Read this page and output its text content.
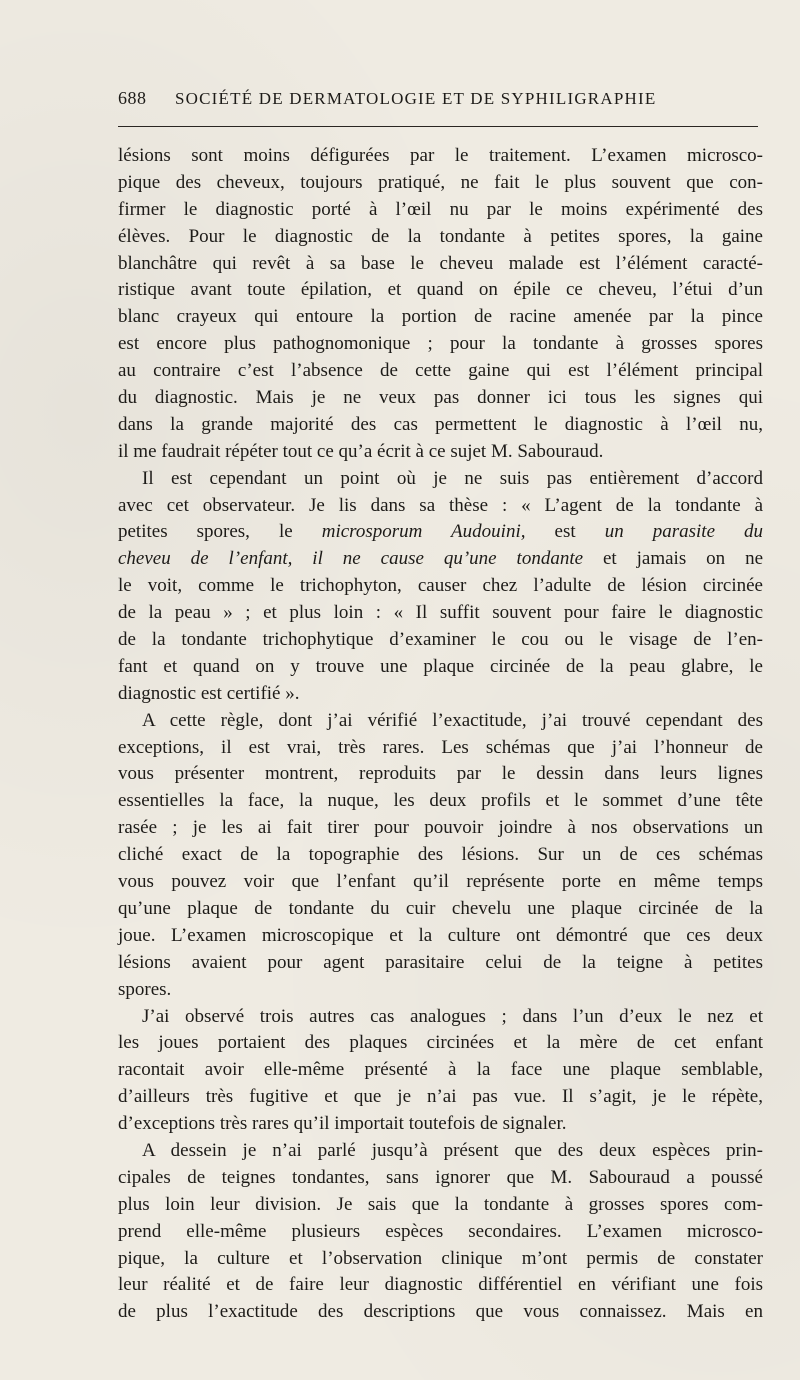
688 SOCIÉTÉ DE DERMATOLOGIE ET DE SYPHILIGRAPHIE
lésions sont moins défigurées par le traitement. L’examen microsco-
pique des cheveux, toujours pratiqué, ne fait le plus souvent que con-
firmer le diagnostic porté à l’œil nu par le moins expérimenté des
élèves. Pour le diagnostic de la tondante à petites spores, la gaine
blanchâtre qui revêt à sa base le cheveu malade est l’élément caracté-
ristique avant toute épilation, et quand on épile ce cheveu, l’étui d’un
blanc crayeux qui entoure la portion de racine amenée par la pince
est encore plus pathognomonique ; pour la tondante à grosses spores
au contraire c’est l’absence de cette gaine qui est l’élément principal
du diagnostic. Mais je ne veux pas donner ici tous les signes qui
dans la grande majorité des cas permettent le diagnostic à l’œil nu,
il me faudrait répéter tout ce qu’a écrit à ce sujet M. Sabouraud.
Il est cependant un point où je ne suis pas entièrement d’accord
avec cet observateur. Je lis dans sa thèse : « L’agent de la tondante à
petites spores, le microsporum Audouini, est un parasite du
cheveu de l’enfant, il ne cause qu’une tondante et jamais on ne
le voit, comme le trichophyton, causer chez l’adulte de lésion circinée
de la peau » ; et plus loin : « Il suffit souvent pour faire le diagnostic
de la tondante trichophytique d’examiner le cou ou le visage de l’en-
fant et quand on y trouve une plaque circinée de la peau glabre, le
diagnostic est certifié ».
A cette règle, dont j’ai vérifié l’exactitude, j’ai trouvé cependant des
exceptions, il est vrai, très rares. Les schémas que j’ai l’honneur de
vous présenter montrent, reproduits par le dessin dans leurs lignes
essentielles la face, la nuque, les deux profils et le sommet d’une tête
rasée ; je les ai fait tirer pour pouvoir joindre à nos observations un
cliché exact de la topographie des lésions. Sur un de ces schémas
vous pouvez voir que l’enfant qu’il représente porte en même temps
qu’une plaque de tondante du cuir chevelu une plaque circinée de la
joue. L’examen microscopique et la culture ont démontré que ces deux
lésions avaient pour agent parasitaire celui de la teigne à petites
spores.
J’ai observé trois autres cas analogues ; dans l’un d’eux le nez et
les joues portaient des plaques circinées et la mère de cet enfant
racontait avoir elle-même présenté à la face une plaque semblable,
d’ailleurs très fugitive et que je n’ai pas vue. Il s’agit, je le répète,
d’exceptions très rares qu’il importait toutefois de signaler.
A dessein je n’ai parlé jusqu’à présent que des deux espèces prin-
cipales de teignes tondantes, sans ignorer que M. Sabouraud a poussé
plus loin leur division. Je sais que la tondante à grosses spores com-
prend elle-même plusieurs espèces secondaires. L’examen microsco-
pique, la culture et l’observation clinique m’ont permis de constater
leur réalité et de faire leur diagnostic différentiel en vérifiant une fois
de plus l’exactitude des descriptions que vous connaissez. Mais en
